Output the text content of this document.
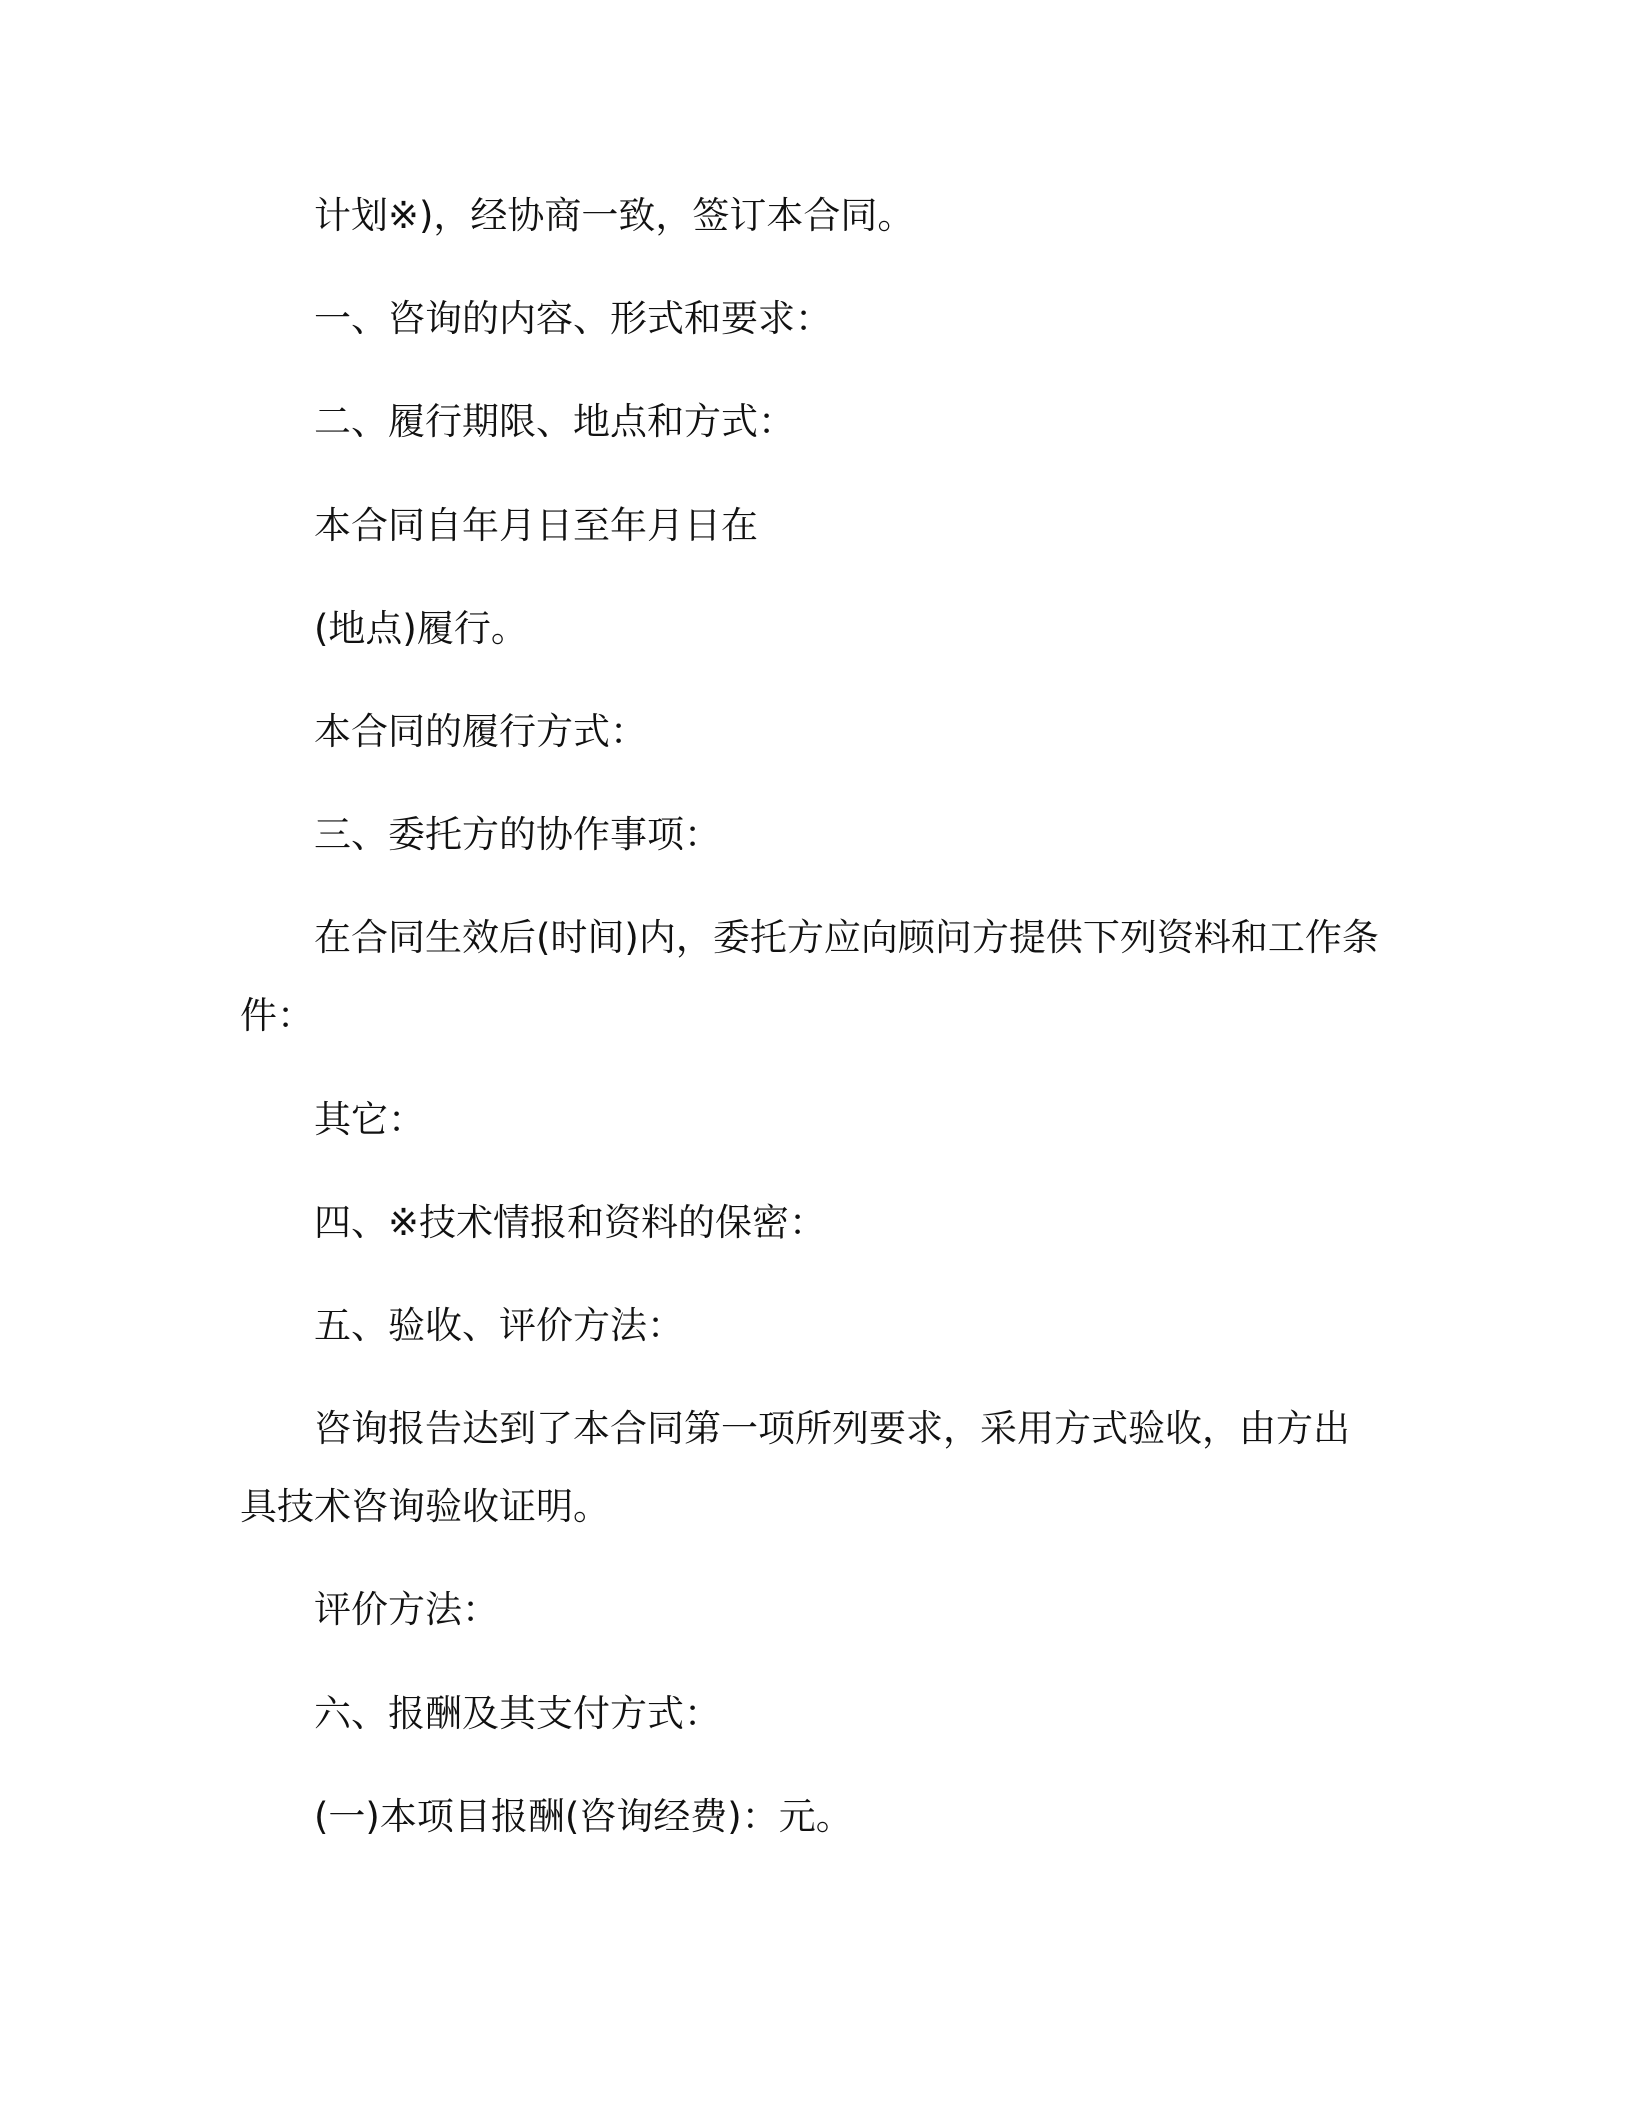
计划※)，经协商一致，签订本合同。
一、咨询的内容、形式和要求：
二、履行期限、地点和方式：
本合同自年月日至年月日在
(地点)履行。
本合同的履行方式：
三、委托方的协作事项：
在合同生效后(时间)内，委托方应向顾问方提供下列资料和工作条
件：
其它：
四、※技术情报和资料的保密：
五、验收、评价方法：
咨询报告达到了本合同第一项所列要求，采用方式验收，由方出
具技术咨询验收证明。
评价方法：
六、报酬及其支付方式：
(一)本项目报酬(咨询经费)：元。
